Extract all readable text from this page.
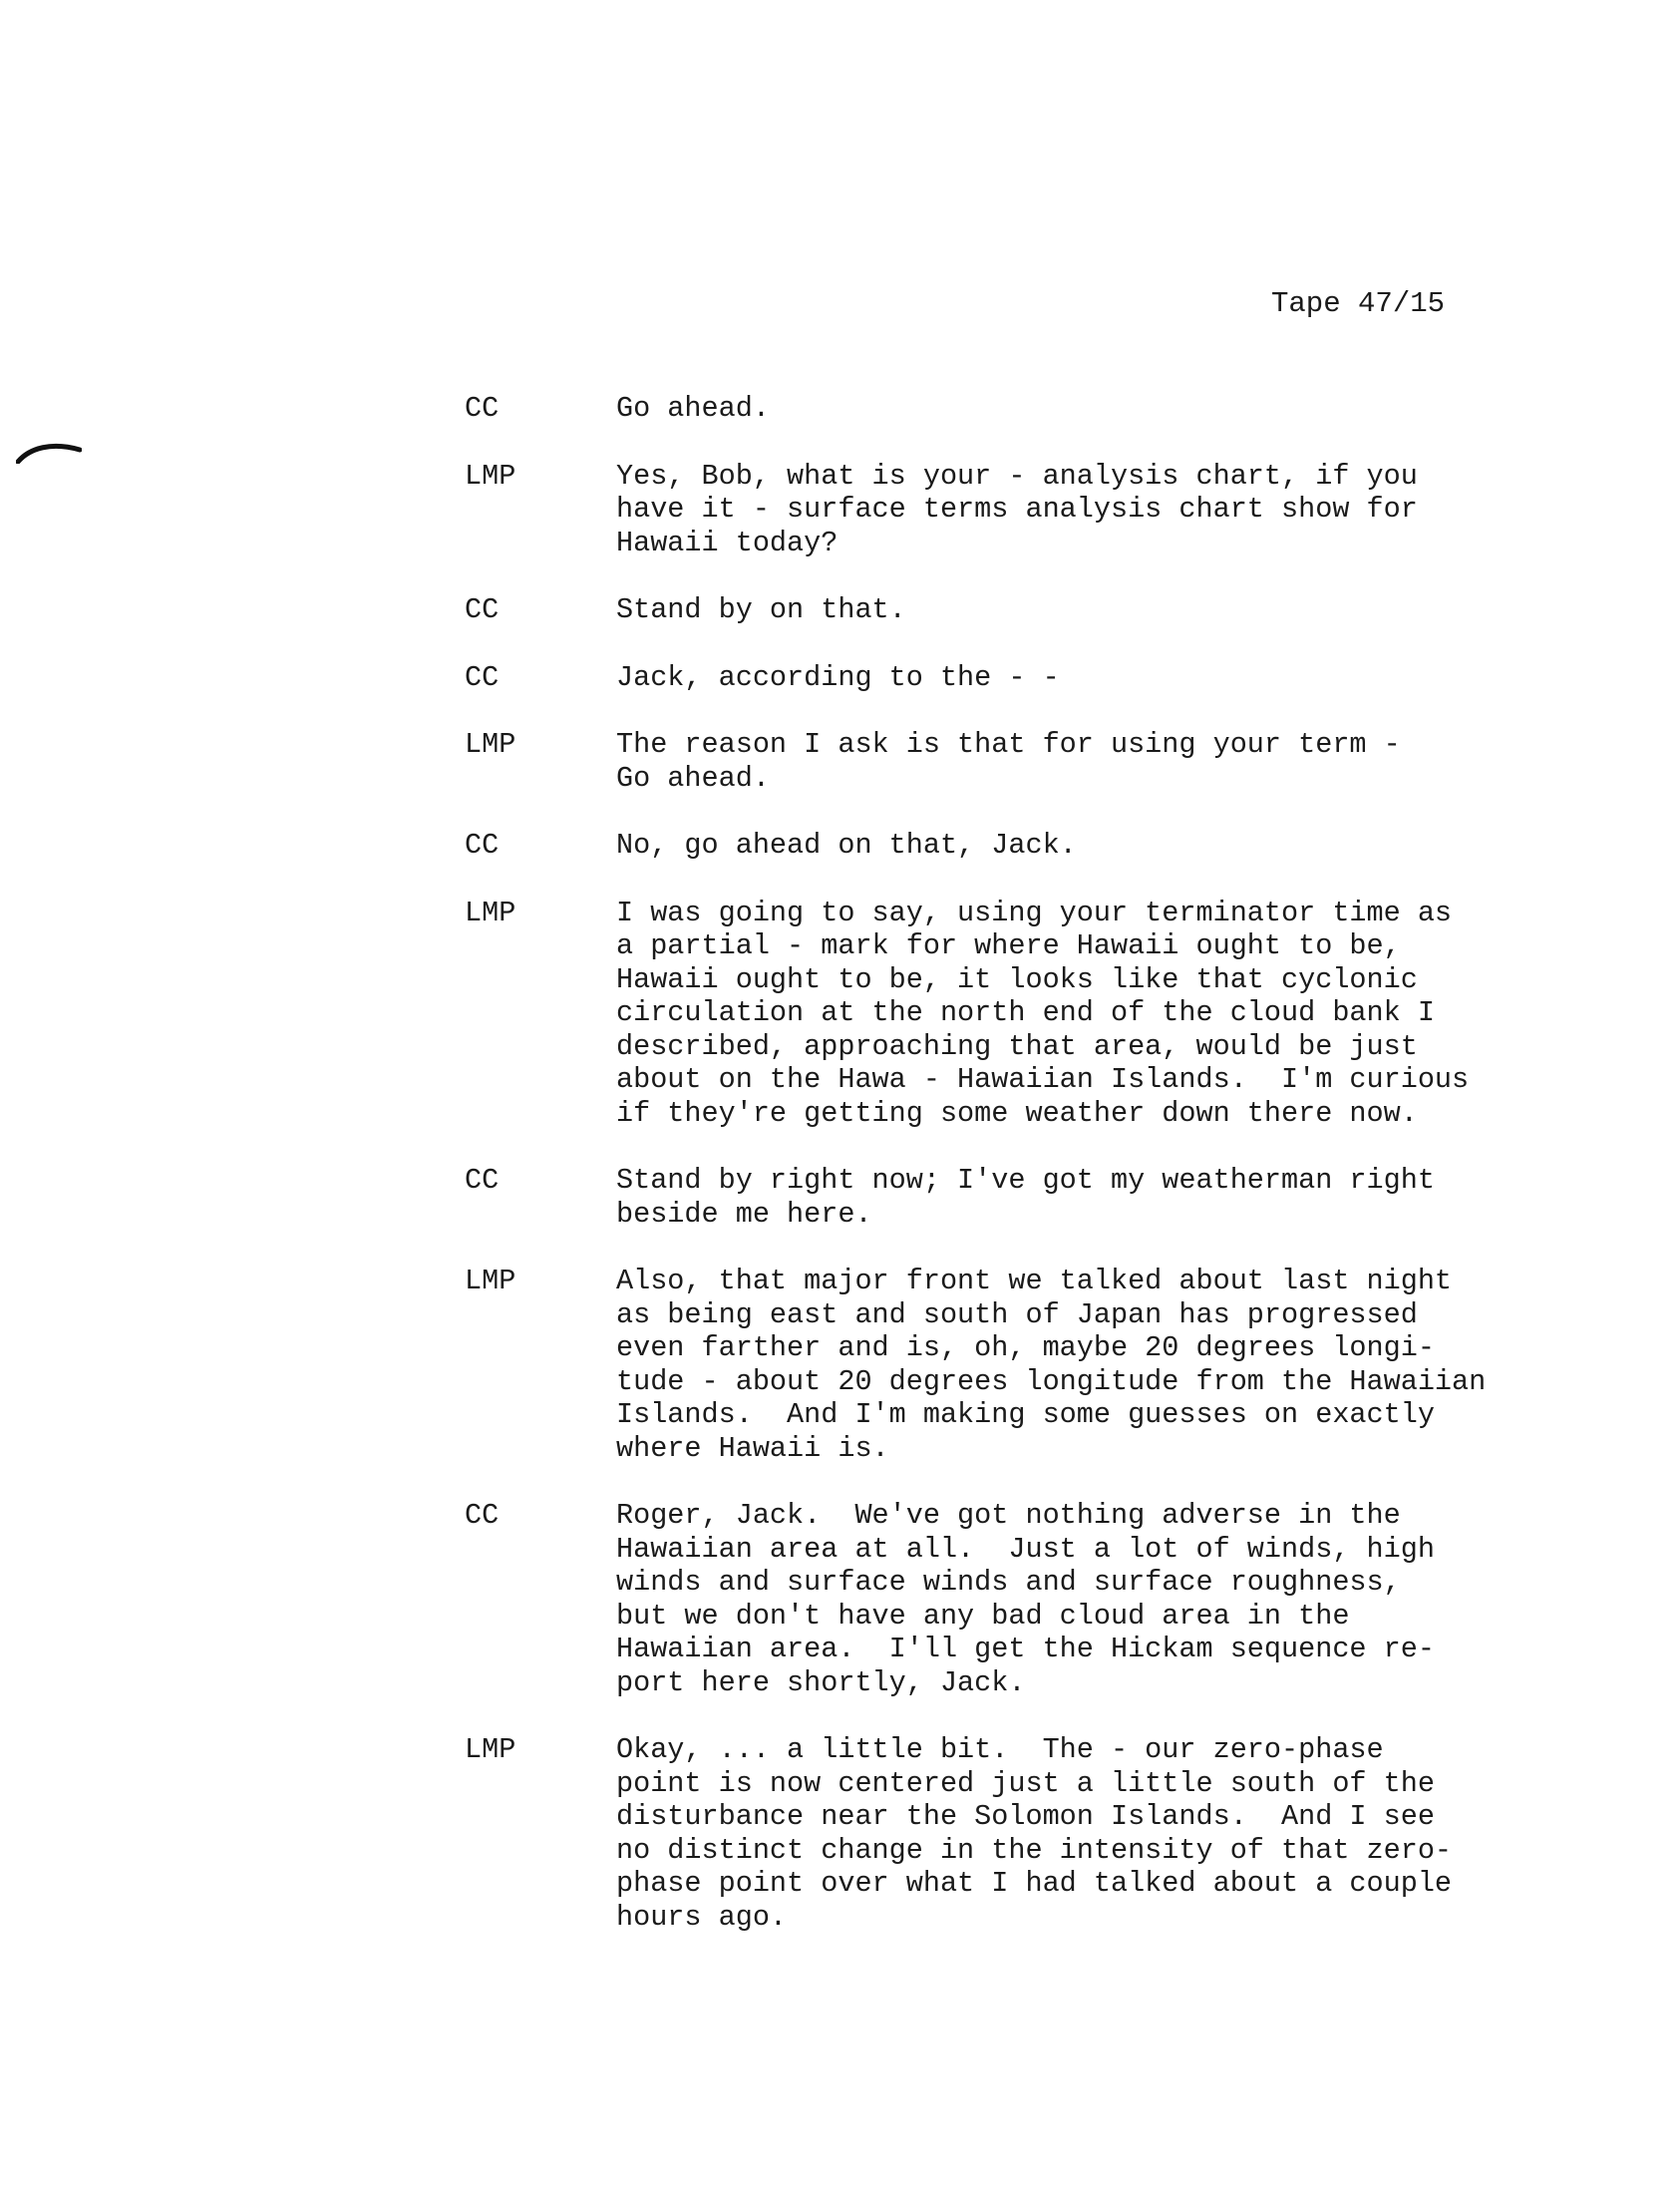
Tape 47/15
CC	Go ahead.
LMP	Yes, Bob, what is your - analysis chart, if you
have it - surface terms analysis chart show for
Hawaii today?
CC	Stand by on that.
CC	Jack, according to the - -
LMP	The reason I ask is that for using your term -
Go ahead.
CC	No, go ahead on that, Jack.
LMP	I was going to say, using your terminator time as
a partial - mark for where Hawaii ought to be,
Hawaii ought to be, it looks like that cyclonic
circulation at the north end of the cloud bank I
described, approaching that area, would be just
about on the Hawa - Hawaiian Islands.  I'm curious
if they're getting some weather down there now.
CC	Stand by right now; I've got my weatherman right
beside me here.
LMP	Also, that major front we talked about last night
as being east and south of Japan has progressed
even farther and is, oh, maybe 20 degrees longi-
tude - about 20 degrees longitude from the Hawaiian
Islands.  And I'm making some guesses on exactly
where Hawaii is.
CC	Roger, Jack.  We've got nothing adverse in the
Hawaiian area at all.  Just a lot of winds, high
winds and surface winds and surface roughness,
but we don't have any bad cloud area in the
Hawaiian area.  I'll get the Hickam sequence re-
port here shortly, Jack.
LMP	Okay, ... a little bit.  The - our zero-phase
point is now centered just a little south of the
disturbance near the Solomon Islands.  And I see
no distinct change in the intensity of that zero-
phase point over what I had talked about a couple
hours ago.
